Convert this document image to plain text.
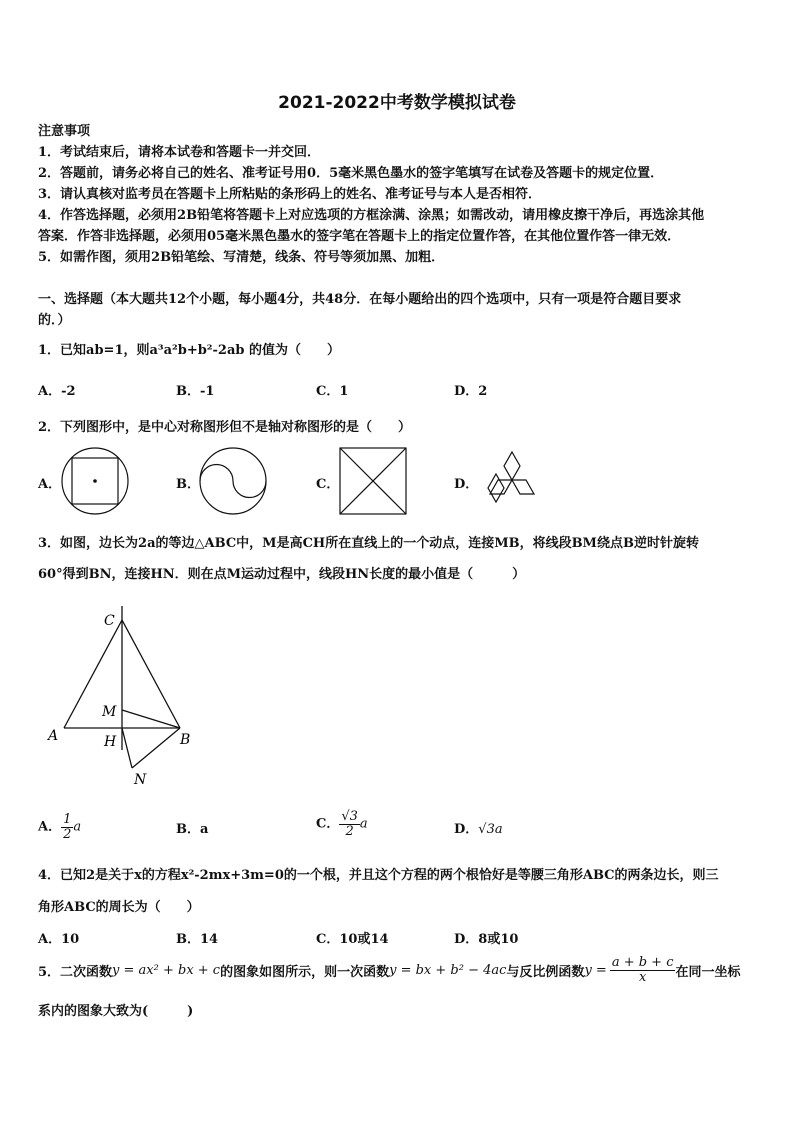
2021-2022中考数学模拟试卷
注意事项
1．考试结束后，请将本试卷和答题卡一并交回．
2．答题前，请务必将自己的姓名、准考证号用0．5毫米黑色墨水的签字笔填写在试卷及答题卡的规定位置．
3．请认真核对监考员在答题卡上所粘贴的条形码上的姓名、准考证号与本人是否相符．
4．作答选择题，必须用2B铅笔将答题卡上对应选项的方框涂满、涂黑；如需改动，请用橡皮擦干净后，再选涂其他
答案．作答非选择题，必须用05毫米黑色墨水的签字笔在答题卡上的指定位置作答，在其他位置作答一律无效．
5．如需作图，须用2B铅笔绘、写清楚，线条、符号等须加黑、加粗．
一、选择题（本大题共12个小题，每小题4分，共48分．在每小题给出的四个选项中，只有一项是符合题目要求
的．）
1．已知ab=1，则a³a²b+b²-2ab 的值为（　　）
A．-2	B．-1	C．1	D．2
2．下列图形中，是中心对称图形但不是轴对称图形的是（　　）
A．	B．	C．	D．
3．如图，边长为2a的等边△ABC中，M是高CH所在直线上的一个动点，连接MB，将线段BM绕点B逆时针旋转
60°得到BN，连接HN．则在点M运动过程中，线段HN长度的最小值是（　　　）
C
M
A	H	B
N
A． $\frac{1}{2}$ a	B．a	C． $\frac{√3}{2}$ a	D．√3a
4．已知2是关于x的方程x²-2mx+3m=0的一个根，并且这个方程的两个根恰好是等腰三角形ABC的两条边长，则三
角形ABC的周长为（　　）
A．10	B．14	C．10或14	D．8或10
5．二次函数 y = ax² + bx + c 的图象如图所示，则一次函数 y = bx + b² − 4ac 与反比例函数 $y = \frac{a + b + c}{x}$ 在同一坐标
系内的图象大致为(　　　)
